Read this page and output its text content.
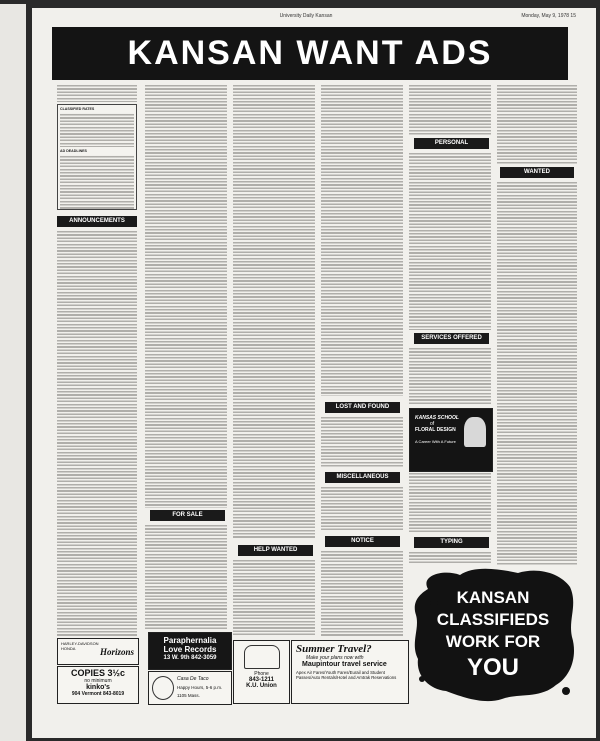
University Daily Kansan	Monday, May 9, 1978 15
KANSAN WANT ADS
CLASSIFIED RATES
AD DEADLINES
ANNOUNCEMENTS
FOR SALE
LOST AND FOUND
MISCELLANEOUS
NOTICE
PERSONAL
SERVICES OFFERED
TYPING
WANTED
HELP WANTED
HARLEY-DAVIDSON
HONDA	Horizons
COPIES 3½c
no minimum
kinko's
904 Vermont 843-8019
Paraphernalia
Love Records
13 W. 9th 842-3059
Casa De Taco
Happy Hours, 5-6 p.m.
1105 Mass.
Phone
843-1211
K.U. Union
Summer Travel?
Make your plans now with
Maupintour travel service
Apex Air Fares/Youth Fares/Eurail and Student Passes/Auto Rentals/Hotel and Amtrak Reservations
KANSAS SCHOOL
of
FLORAL DESIGN
A Career With A Future
KANSAN
CLASSIFIEDS
WORK FOR
YOU
